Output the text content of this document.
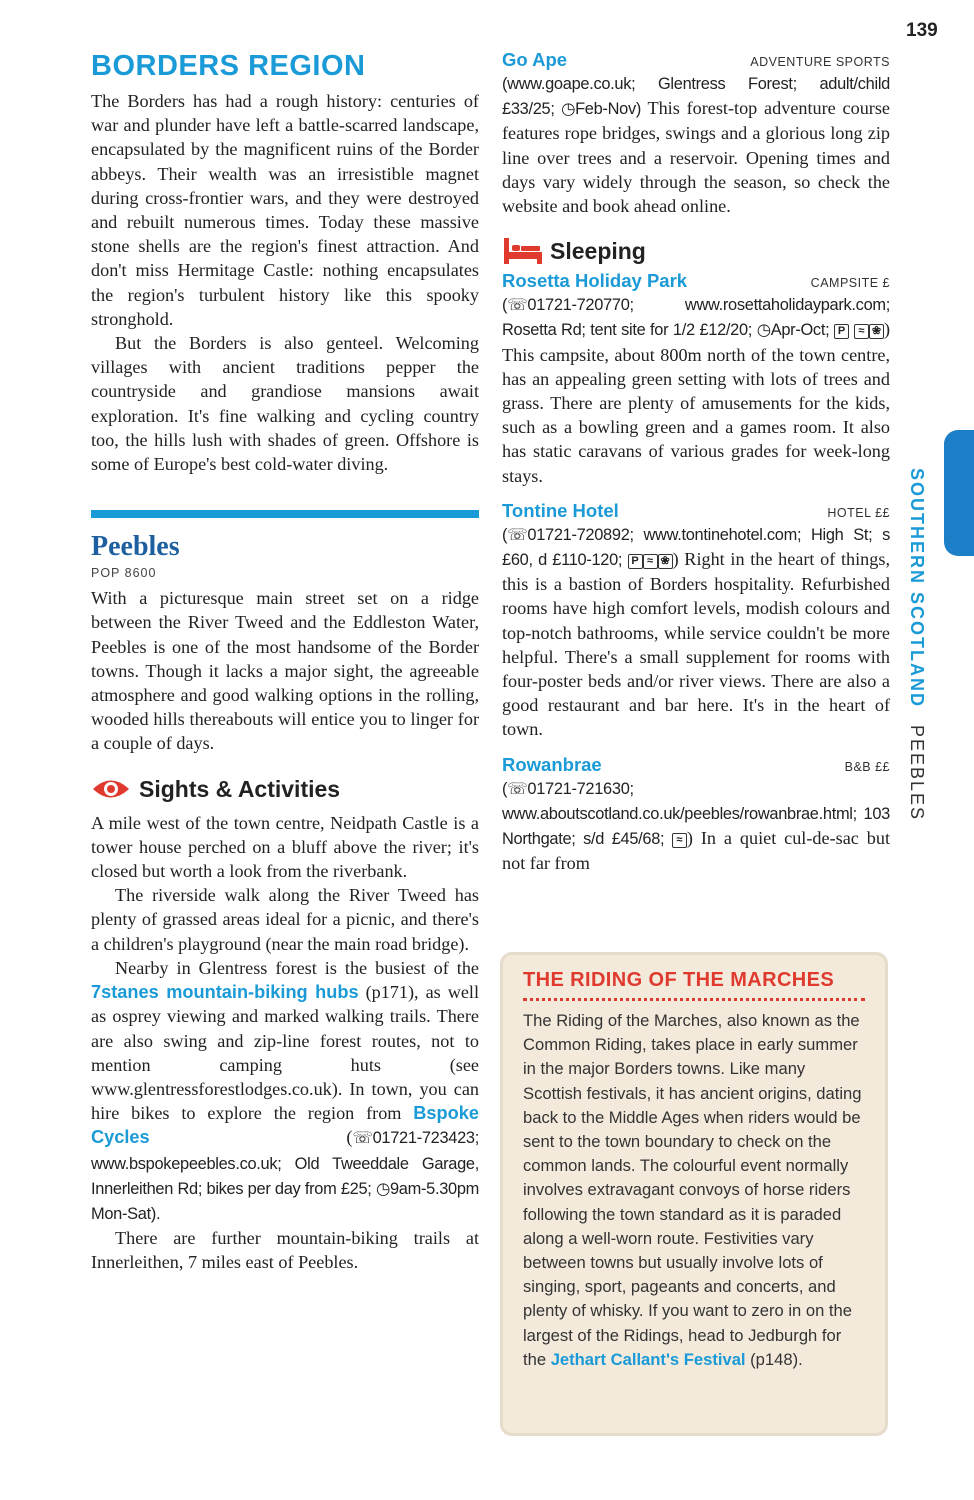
139
SOUTHERN SCOTLAND PEEBLES
BORDERS REGION

The Borders has had a rough history: centuries of war and plunder have left a battle-scarred landscape, encapsulated by the magnificent ruins of the Border abbeys. Their wealth was an irresistible magnet during cross-frontier wars, and they were destroyed and rebuilt numerous times. Today these massive stone shells are the region's finest attraction. And don't miss Hermitage Castle: nothing encapsulates the region's turbulent history like this spooky stronghold.

But the Borders is also genteel. Welcoming villages with ancient traditions pepper the countryside and grandiose mansions await exploration. It's fine walking and cycling country too, the hills lush with shades of green. Offshore is some of Europe's best cold-water diving.

Peebles
POP 8600

With a picturesque main street set on a ridge between the River Tweed and the Eddleston Water, Peebles is one of the most handsome of the Border towns. Though it lacks a major sight, the agreeable atmosphere and good walking options in the rolling, wooded hills thereabouts will entice you to linger for a couple of days.

Sights & Activities

A mile west of the town centre, Neidpath Castle is a tower house perched on a bluff above the river; it's closed but worth a look from the riverbank.

The riverside walk along the River Tweed has plenty of grassed areas ideal for a picnic, and there's a children's playground (near the main road bridge).

Nearby in Glentress forest is the busiest of the 7stanes mountain-biking hubs (p171), as well as osprey viewing and marked walking trails. There are also swing and zip-line forest routes, not to mention camping huts (see www.glentressforestlodges.co.uk). In town, you can hire bikes to explore the region from Bspoke Cycles (☏01721-723423; www.bspokepeebles.co.uk; Old Tweeddale Garage, Innerleithen Rd; bikes per day from £25; ◷9am-5.30pm Mon-Sat).

There are further mountain-biking trails at Innerleithen, 7 miles east of Peebles.

Go Ape	ADVENTURE SPORTS

(www.goape.co.uk; Glentress Forest; adult/child £33/25; ◷Feb-Nov) This forest-top adventure course features rope bridges, swings and a glorious long zip line over trees and a reservoir. Opening times and days vary widely through the season, so check the website and book ahead online.

Sleeping
Rosetta Holiday Park	CAMPSITE £

(☏01721-720770; www.rosettaholidaypark.com; Rosetta Rd; tent site for 1/2 £12/20; ◷Apr-Oct; P ≈ ❀ ) This campsite, about 800m north of the town centre, has an appealing green setting with lots of trees and grass. There are plenty of amusements for the kids, such as a bowling green and a games room. It also has static caravans of various grades for week-long stays.

Tontine Hotel	HOTEL ££

(☏01721-720892; www.tontinehotel.com; High St; s £60, d £110-120; P ≈ ❀ ) Right in the heart of things, this is a bastion of Borders hospitality. Refurbished rooms have high comfort levels, modish colours and top-notch bathrooms, while service couldn't be more helpful. There's a small supplement for rooms with four-poster beds and/or river views. There are also a good restaurant and bar here. It's in the heart of town.

Rowanbrae	B&B ££

(☏01721-721630; www.aboutscotland.co.uk/peebles/rowanbrae.html; 103 Northgate; s/d £45/68; ≈ ) In a quiet cul-de-sac but not far from

THE RIDING OF THE MARCHES

The Riding of the Marches, also known as the Common Riding, takes place in early summer in the major Borders towns. Like many Scottish festivals, it has ancient origins, dating back to the Middle Ages when riders would be sent to the town boundary to check on the common lands. The colourful event normally involves extravagant convoys of horse riders following the town standard as it is paraded along a well-worn route. Festivities vary between towns but usually involve lots of singing, sport, pageants and concerts, and plenty of whisky. If you want to zero in on the largest of the Ridings, head to Jedburgh for the Jethart Callant's Festival (p148).
